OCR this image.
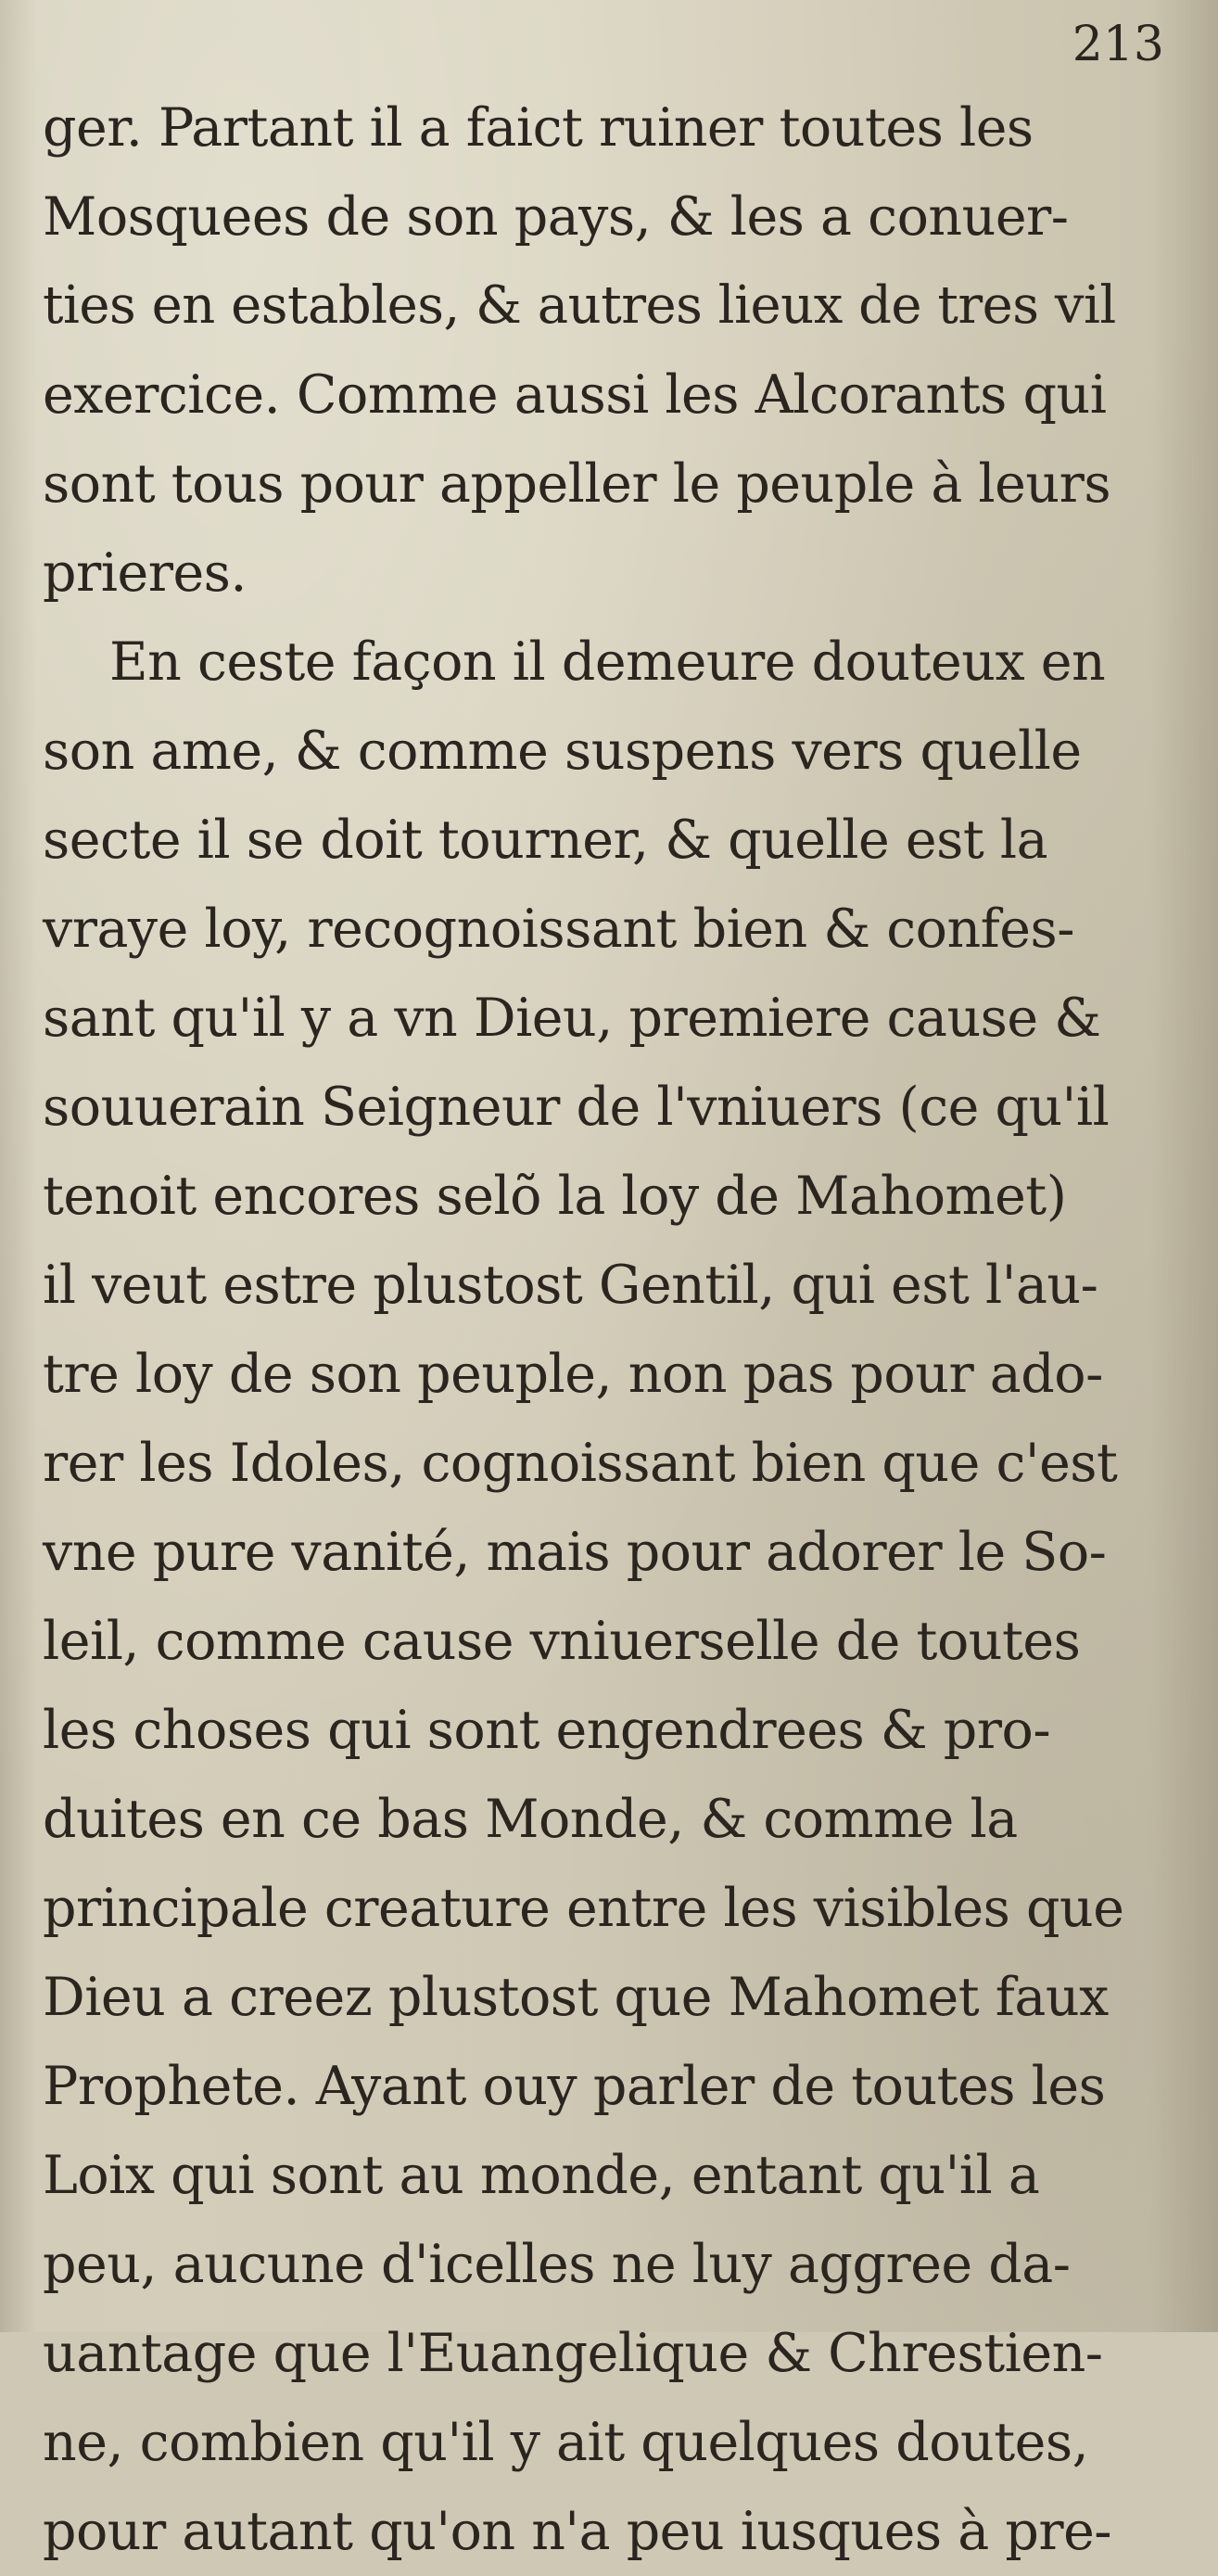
213
ger. Partant il a faict ruiner toutes les
Mosquees de son pays, & les a conuer-
ties en estables, & autres lieux de tres vil
exercice. Comme aussi les Alcorants qui
sont tous pour appeller le peuple à leurs
prieres.
En ceste façon il demeure douteux en
son ame, & comme suspens vers quelle
secte il se doit tourner, & quelle est la
vraye loy, recognoissant bien & confes-
sant qu'il y a vn Dieu, premiere cause &
souuerain Seigneur de l'vniuers (ce qu'il
tenoit encores selõ la loy de Mahomet)
il veut estre plustost Gentil, qui est l'au-
tre loy de son peuple, non pas pour ado-
rer les Idoles, cognoissant bien que c'est
vne pure vanité, mais pour adorer le So-
leil, comme cause vniuerselle de toutes
les choses qui sont engendrees & pro-
duites en ce bas Monde, & comme la
principale creature entre les visibles que
Dieu a creez plustost que Mahomet faux
Prophete. Ayant ouy parler de toutes les
Loix qui sont au monde, entant qu'il a
peu, aucune d'icelles ne luy aggree da-
uantage que l'Euangelique & Chrestien-
ne, combien qu'il y ait quelques doutes,
pour autant qu'on n'a peu iusques à pre-
